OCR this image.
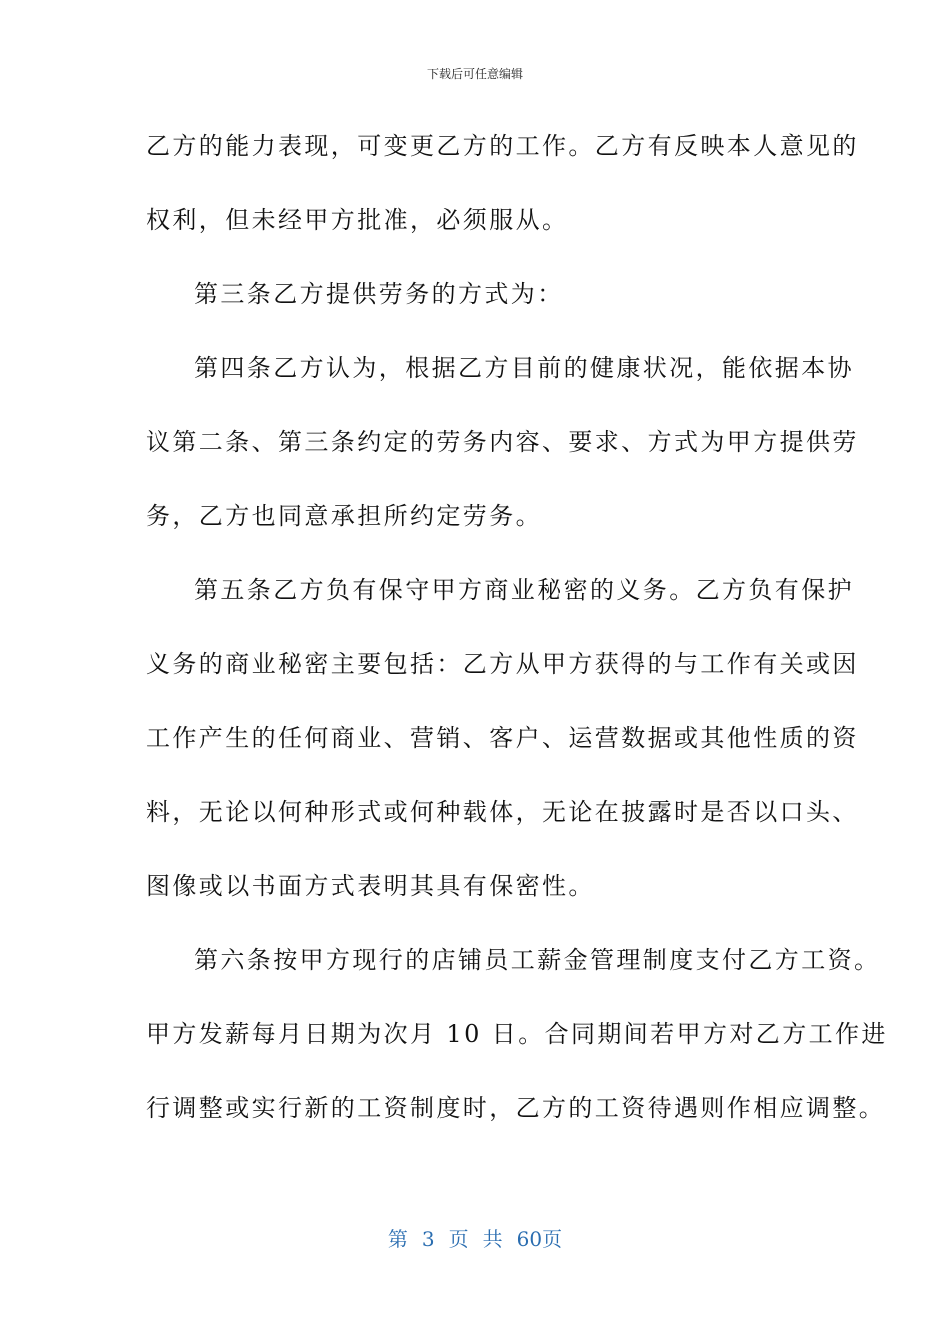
下载后可任意编辑
乙方的能力表现，可变更乙方的工作。乙方有反映本人意见的
权利，但未经甲方批准，必须服从。
第三条乙方提供劳务的方式为：
第四条乙方认为，根据乙方目前的健康状况，能依据本协
议第二条、第三条约定的劳务内容、要求、方式为甲方提供劳
务，乙方也同意承担所约定劳务。
第五条乙方负有保守甲方商业秘密的义务。乙方负有保护
义务的商业秘密主要包括：乙方从甲方获得的与工作有关或因
工作产生的任何商业、营销、客户、运营数据或其他性质的资
料，无论以何种形式或何种载体，无论在披露时是否以口头、
图像或以书面方式表明其具有保密性。
第六条按甲方现行的店铺员工薪金管理制度支付乙方工资。
甲方发薪每月日期为次月 10 日。合同期间若甲方对乙方工作进
行调整或实行新的工资制度时，乙方的工资待遇则作相应调整。
第 3 页 共 60页
